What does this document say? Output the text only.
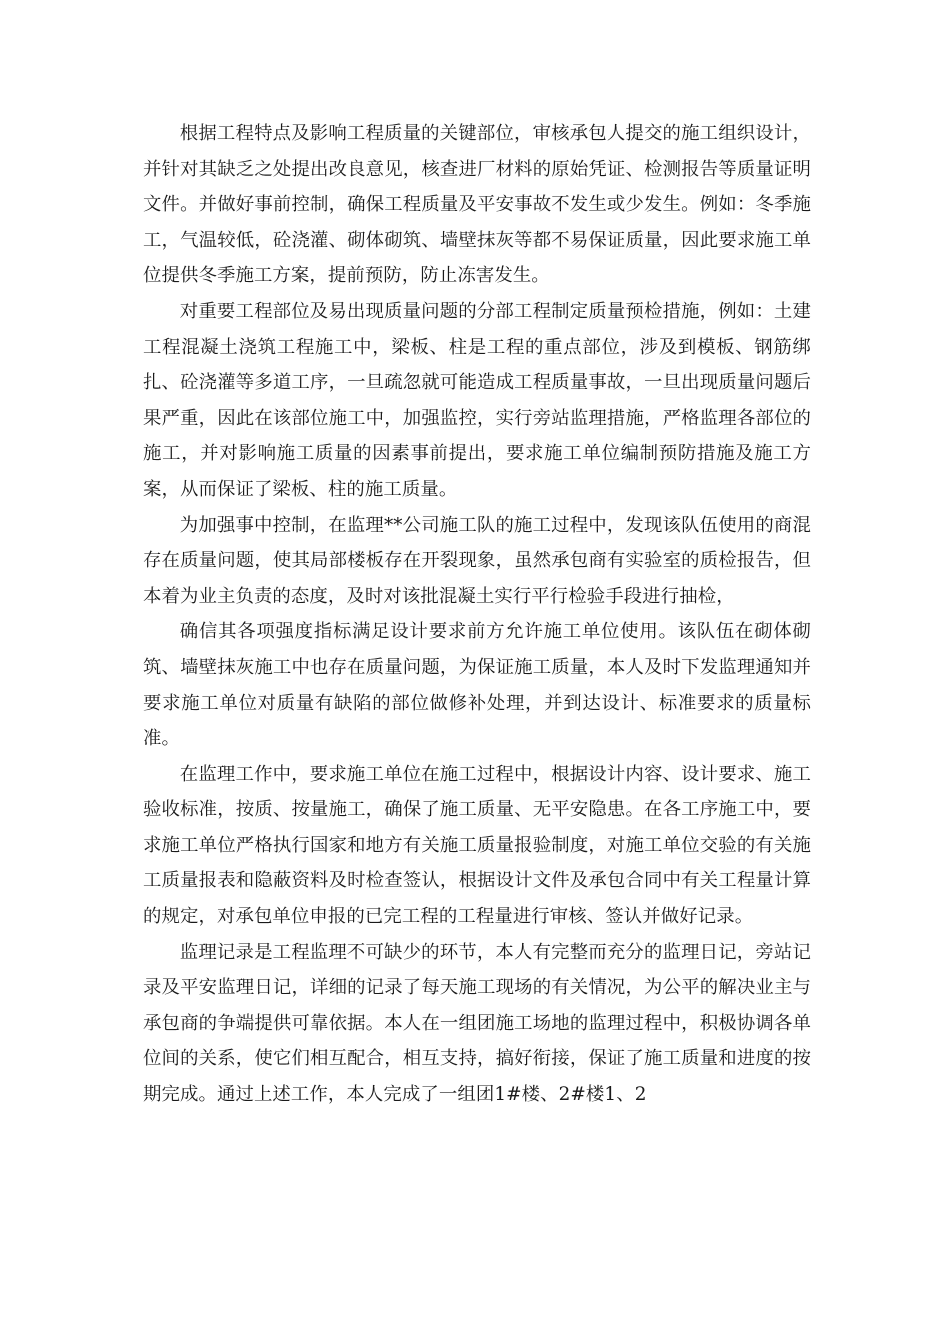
根据工程特点及影响工程质量的关键部位，审核承包人提交的施工组织设计，并针对其缺乏之处提出改良意见，核查进厂材料的原始凭证、检测报告等质量证明文件。并做好事前控制，确保工程质量及平安事故不发生或少发生。例如：冬季施工，气温较低，砼浇灌、砌体砌筑、墙壁抹灰等都不易保证质量，因此要求施工单位提供冬季施工方案，提前预防，防止冻害发生。

对重要工程部位及易出现质量问题的分部工程制定质量预检措施，例如：土建工程混凝土浇筑工程施工中，梁板、柱是工程的重点部位，涉及到模板、钢筋绑扎、砼浇灌等多道工序，一旦疏忽就可能造成工程质量事故，一旦出现质量问题后果严重，因此在该部位施工中，加强监控，实行旁站监理措施，严格监理各部位的施工，并对影响施工质量的因素事前提出，要求施工单位编制预防措施及施工方案，从而保证了梁板、柱的施工质量。

为加强事中控制，在监理**公司施工队的施工过程中，发现该队伍使用的商混存在质量问题，使其局部楼板存在开裂现象，虽然承包商有实验室的质检报告，但本着为业主负责的态度，及时对该批混凝土实行平行检验手段进行抽检，

确信其各项强度指标满足设计要求前方允许施工单位使用。该队伍在砌体砌筑、墙壁抹灰施工中也存在质量问题，为保证施工质量，本人及时下发监理通知并要求施工单位对质量有缺陷的部位做修补处理，并到达设计、标准要求的质量标准。

在监理工作中，要求施工单位在施工过程中，根据设计内容、设计要求、施工验收标准，按质、按量施工，确保了施工质量、无平安隐患。在各工序施工中，要求施工单位严格执行国家和地方有关施工质量报验制度，对施工单位交验的有关施工质量报表和隐蔽资料及时检查签认，根据设计文件及承包合同中有关工程量计算的规定，对承包单位申报的已完工程的工程量进行审核、签认并做好记录。

监理记录是工程监理不可缺少的环节，本人有完整而充分的监理日记，旁站记录及平安监理日记，详细的记录了每天施工现场的有关情况，为公平的解决业主与承包商的争端提供可靠依据。本人在一组团施工场地的监理过程中，积极协调各单位间的关系，使它们相互配合，相互支持，搞好衔接，保证了施工质量和进度的按期完成。通过上述工作，本人完成了一组团1#楼、2#楼1、2
